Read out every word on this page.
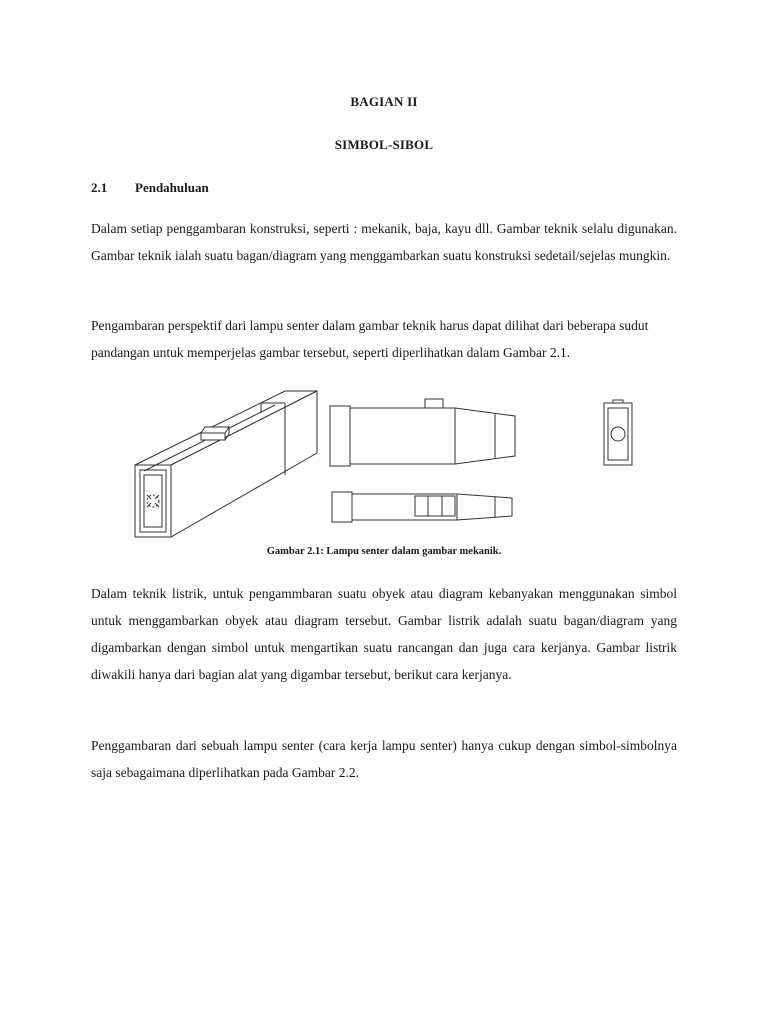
BAGIAN II
SIMBOL-SIBOL
2.1 Pendahuluan
Dalam setiap penggambaran konstruksi, seperti : mekanik, baja, kayu dll. Gambar teknik selalu digunakan. Gambar teknik ialah suatu bagan/diagram yang menggambarkan suatu konstruksi sedetail/sejelas mungkin.
Pengambaran perspektif dari lampu senter dalam gambar teknik harus dapat dilihat dari beberapa sudut pandangan untuk memperjelas gambar tersebut, seperti diperlihatkan dalam Gambar 2.1.
Gambar 2.1: Lampu senter dalam gambar mekanik.
Dalam teknik listrik, untuk pengammbaran suatu obyek atau diagram kebanyakan menggunakan simbol untuk menggambarkan obyek atau diagram tersebut. Gambar listrik adalah suatu bagan/diagram yang digambarkan dengan simbol untuk mengartikan suatu rancangan dan juga cara kerjanya. Gambar listrik diwakili hanya dari bagian alat yang digambar tersebut, berikut cara kerjanya.
Penggambaran dari sebuah lampu senter (cara kerja lampu senter) hanya cukup dengan simbol-simbolnya saja sebagaimana diperlihatkan pada Gambar 2.2.
